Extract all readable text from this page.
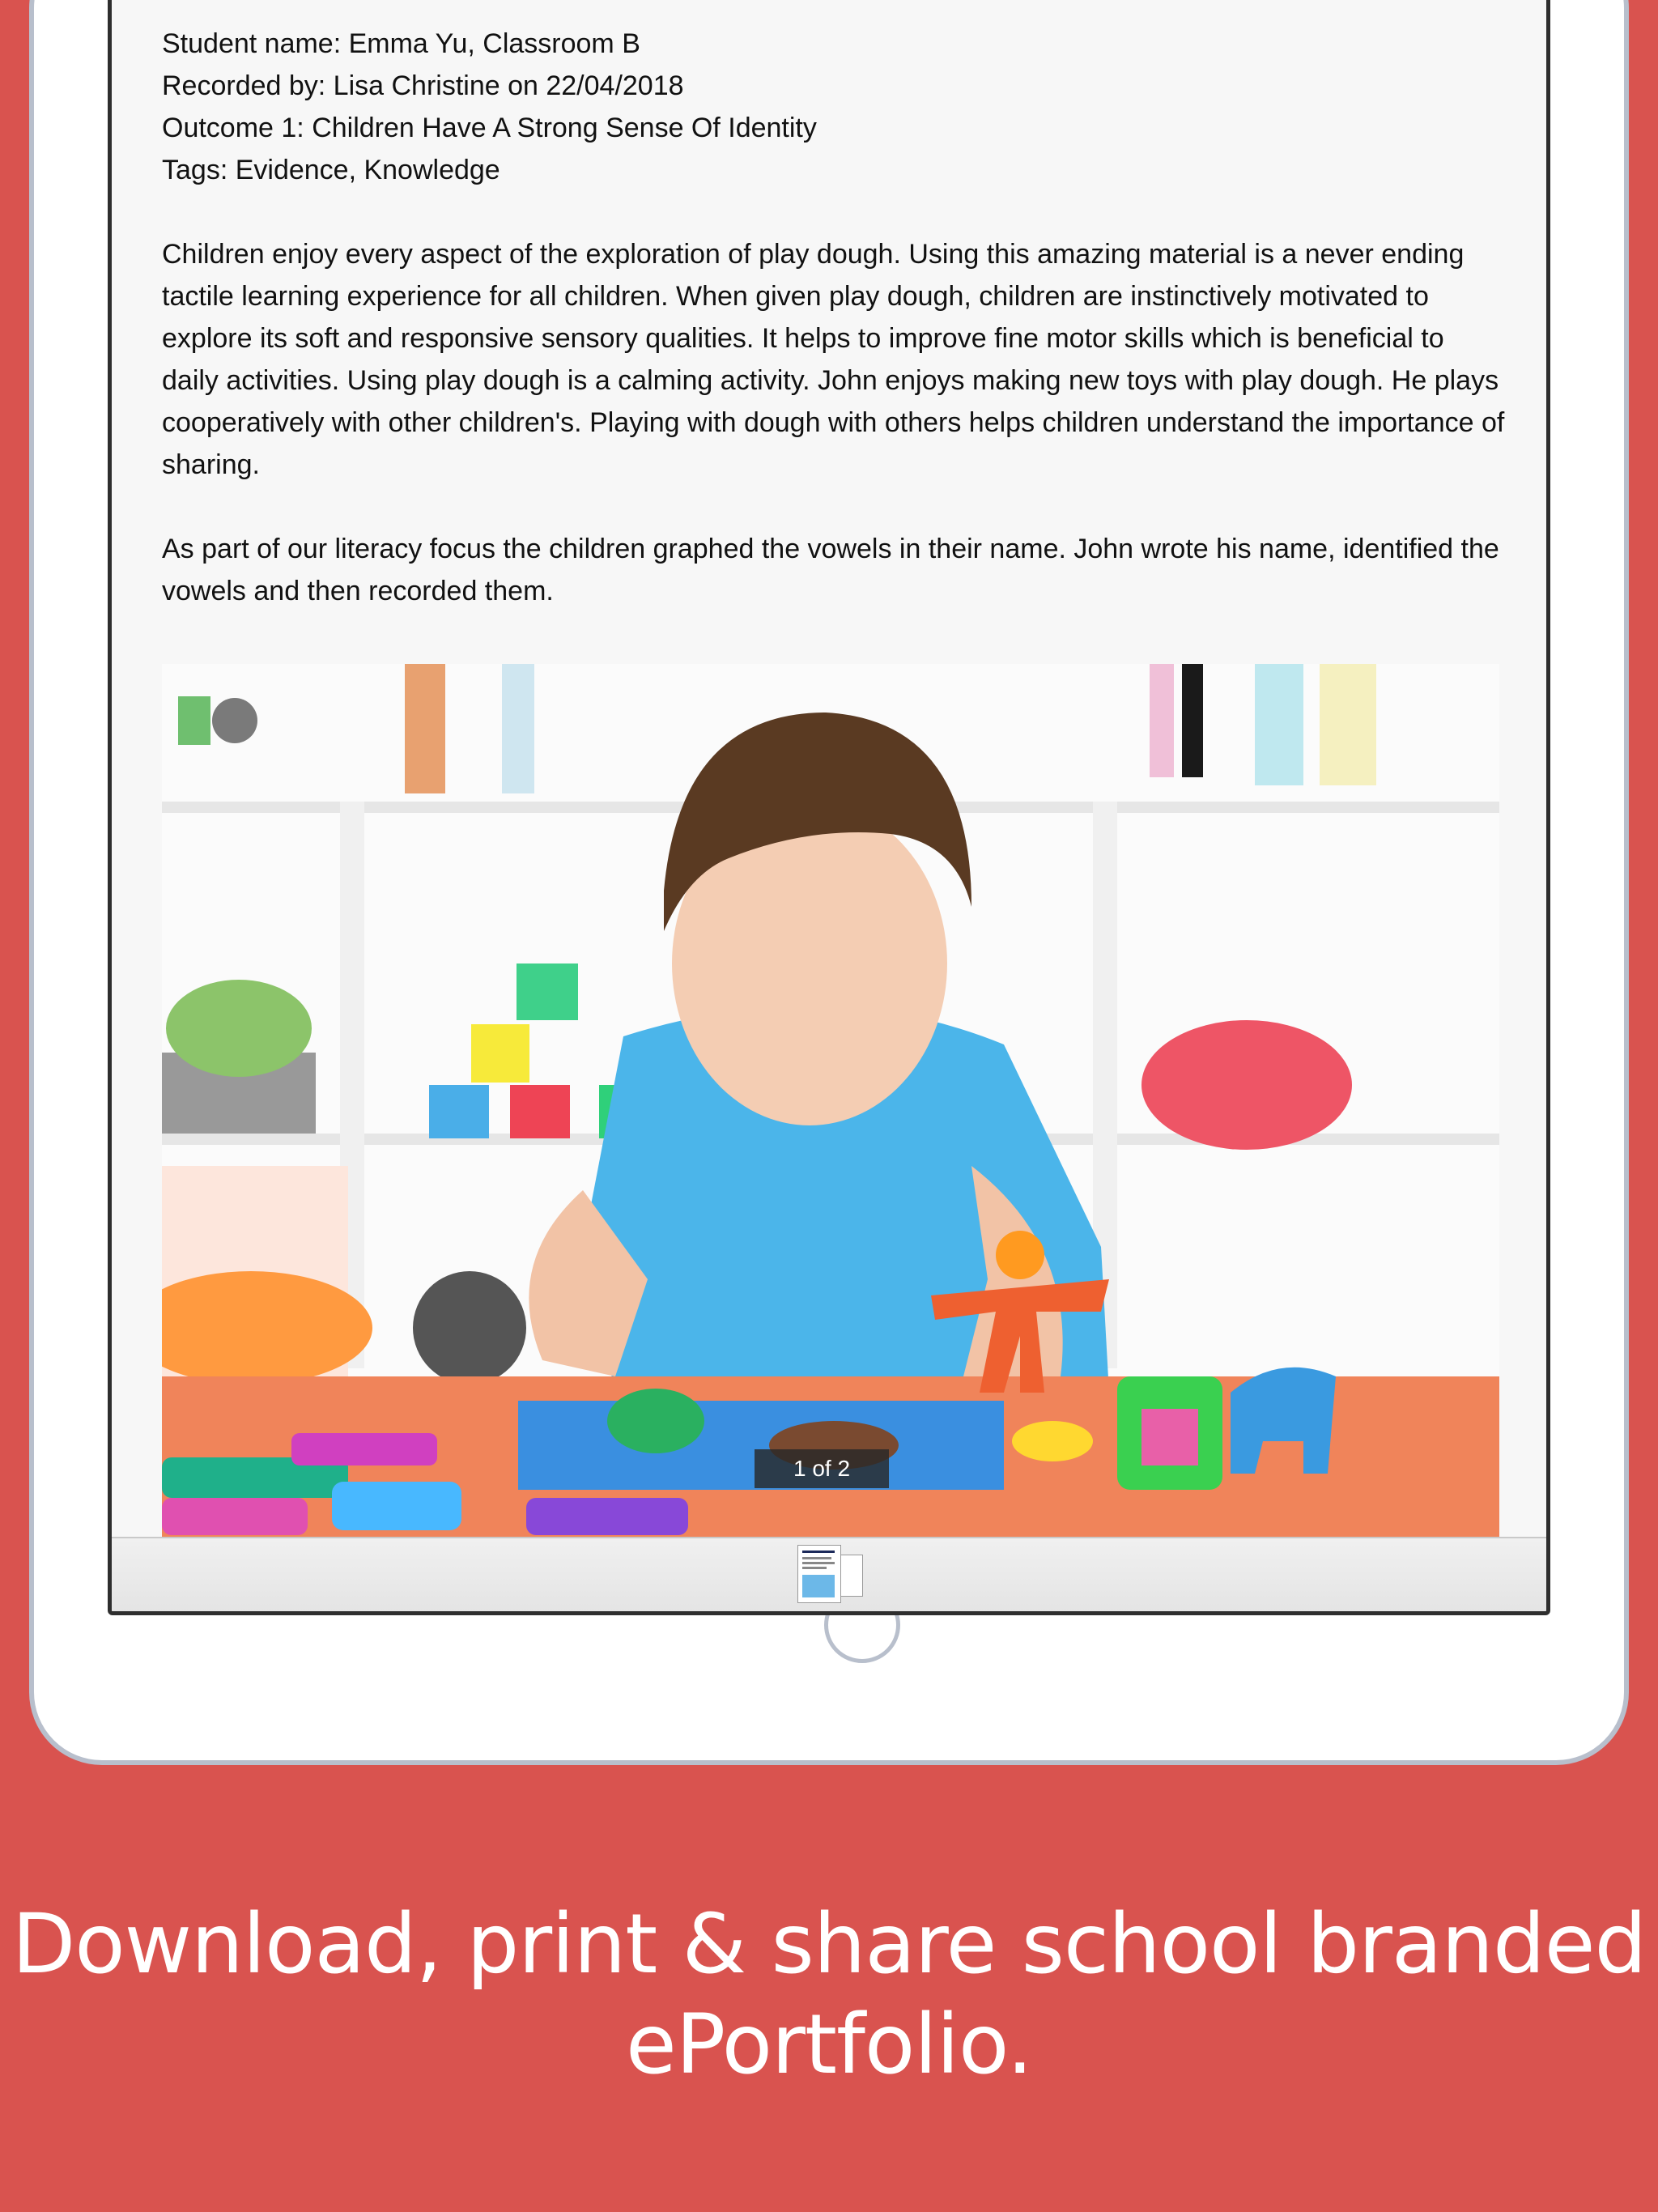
Student name: Emma Yu, Classroom B
Recorded by: Lisa Christine on 22/04/2018
Outcome 1: Children Have A Strong Sense Of Identity
Tags: Evidence, Knowledge

Children enjoy every aspect of the exploration of play dough. Using this amazing material is a never ending tactile learning experience for all children. When given play dough, children are instinctively motivated to explore its soft and responsive sensory qualities. It helps to improve fine motor skills which is beneficial to daily activities. Using play dough is a calming activity. John enjoys making new toys with play dough. He plays cooperatively with other children's. Playing with dough with others helps children understand the importance of sharing.

As part of our literacy focus the children graphed the vowels in their name. John wrote his name, identified the vowels and then recorded them.

1 of 2
Download, print & share school branded
ePortfolio.
